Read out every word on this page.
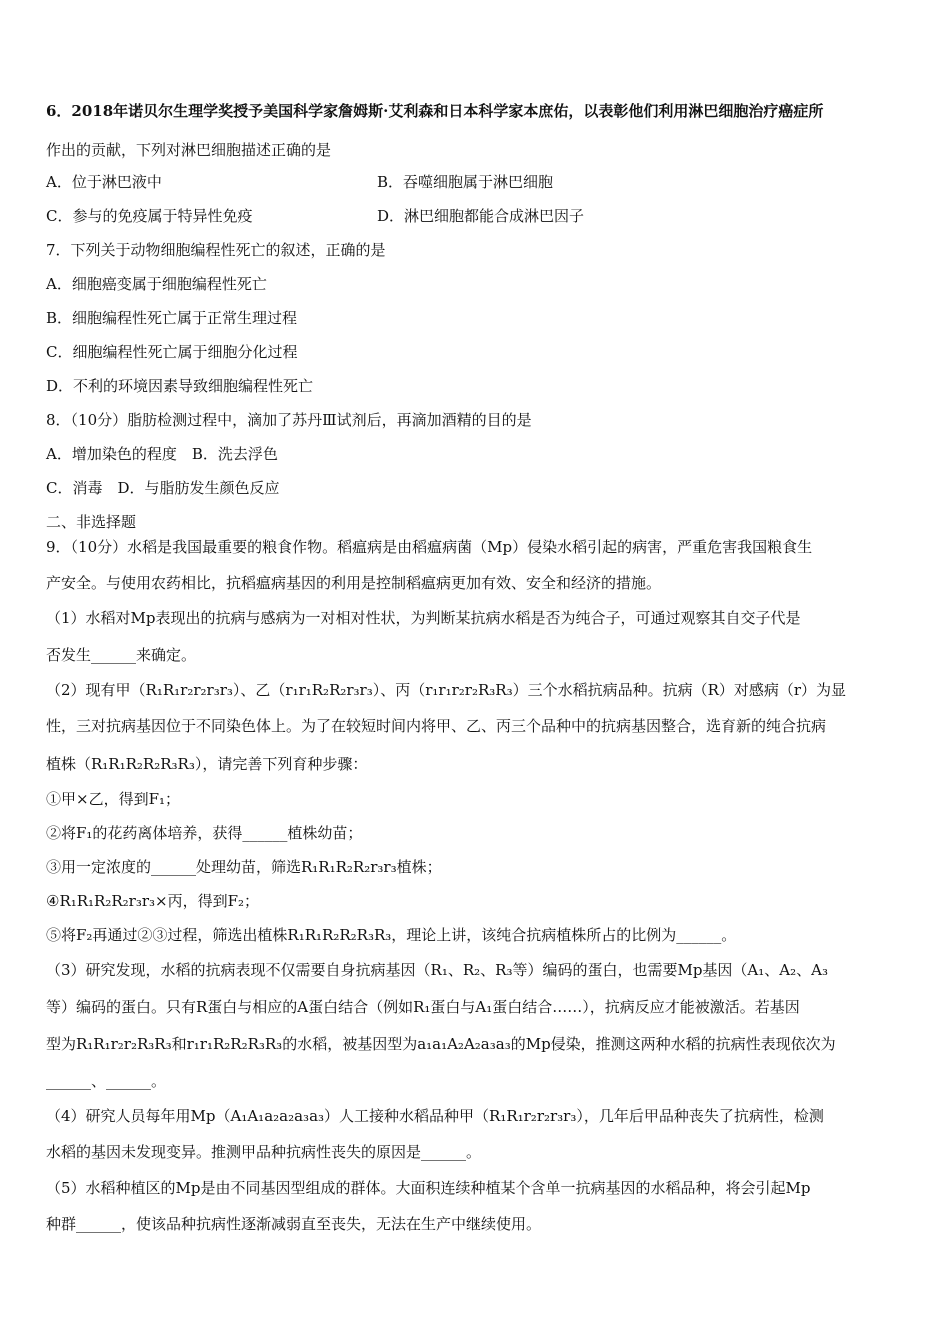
6．2018年诺贝尔生理学奖授予美国科学家詹姆斯·艾利森和日本科学家本庶佑，以表彰他们利用淋巴细胞治疗癌症所
作出的贡献，下列对淋巴细胞描述正确的是
A．位于淋巴液中	B．吞噬细胞属于淋巴细胞
C．参与的免疫属于特异性免疫	D．淋巴细胞都能合成淋巴因子
7．下列关于动物细胞编程性死亡的叙述，正确的是
A．细胞癌变属于细胞编程性死亡
B．细胞编程性死亡属于正常生理过程
C．细胞编程性死亡属于细胞分化过程
D．不利的环境因素导致细胞编程性死亡
8．（10分）脂肪检测过程中，滴加了苏丹Ⅲ试剂后，再滴加酒精的目的是
A．增加染色的程度　B．洗去浮色
C．消毒　D．与脂肪发生颜色反应
二、非选择题
9．（10分）水稻是我国最重要的粮食作物。稻瘟病是由稻瘟病菌（Mp）侵染水稻引起的病害，严重危害我国粮食生
产安全。与使用农药相比，抗稻瘟病基因的利用是控制稻瘟病更加有效、安全和经济的措施。
（1）水稻对Mp表现出的抗病与感病为一对相对性状，为判断某抗病水稻是否为纯合子，可通过观察其自交子代是
否发生______来确定。
（2）现有甲（R₁R₁r₂r₂r₃r₃）、乙（r₁r₁R₂R₂r₃r₃）、丙（r₁r₁r₂r₂R₃R₃）三个水稻抗病品种。抗病（R）对感病（r）为显
性，三对抗病基因位于不同染色体上。为了在较短时间内将甲、乙、丙三个品种中的抗病基因整合，选育新的纯合抗病
植株（R₁R₁R₂R₂R₃R₃），请完善下列育种步骤：
①甲×乙，得到F₁；
②将F₁的花药离体培养，获得______植株幼苗；
③用一定浓度的______处理幼苗，筛选R₁R₁R₂R₂r₃r₃植株；
④R₁R₁R₂R₂r₃r₃×丙，得到F₂；
⑤将F₂再通过②③过程，筛选出植株R₁R₁R₂R₂R₃R₃，理论上讲，该纯合抗病植株所占的比例为______。
（3）研究发现，水稻的抗病表现不仅需要自身抗病基因（R₁、R₂、R₃等）编码的蛋白，也需要Mp基因（A₁、A₂、A₃
等）编码的蛋白。只有R蛋白与相应的A蛋白结合（例如R₁蛋白与A₁蛋白结合……），抗病反应才能被激活。若基因
型为R₁R₁r₂r₂R₃R₃和r₁r₁R₂R₂R₃R₃的水稻，被基因型为a₁a₁A₂A₂a₃a₃的Mp侵染，推测这两种水稻的抗病性表现依次为
______、______。
（4）研究人员每年用Mp（A₁A₁a₂a₂a₃a₃）人工接种水稻品种甲（R₁R₁r₂r₂r₃r₃），几年后甲品种丧失了抗病性，检测
水稻的基因未发现变异。推测甲品种抗病性丧失的原因是______。
（5）水稻种植区的Mp是由不同基因型组成的群体。大面积连续种植某个含单一抗病基因的水稻品种，将会引起Mp
种群______，使该品种抗病性逐渐减弱直至丧失，无法在生产中继续使用。
